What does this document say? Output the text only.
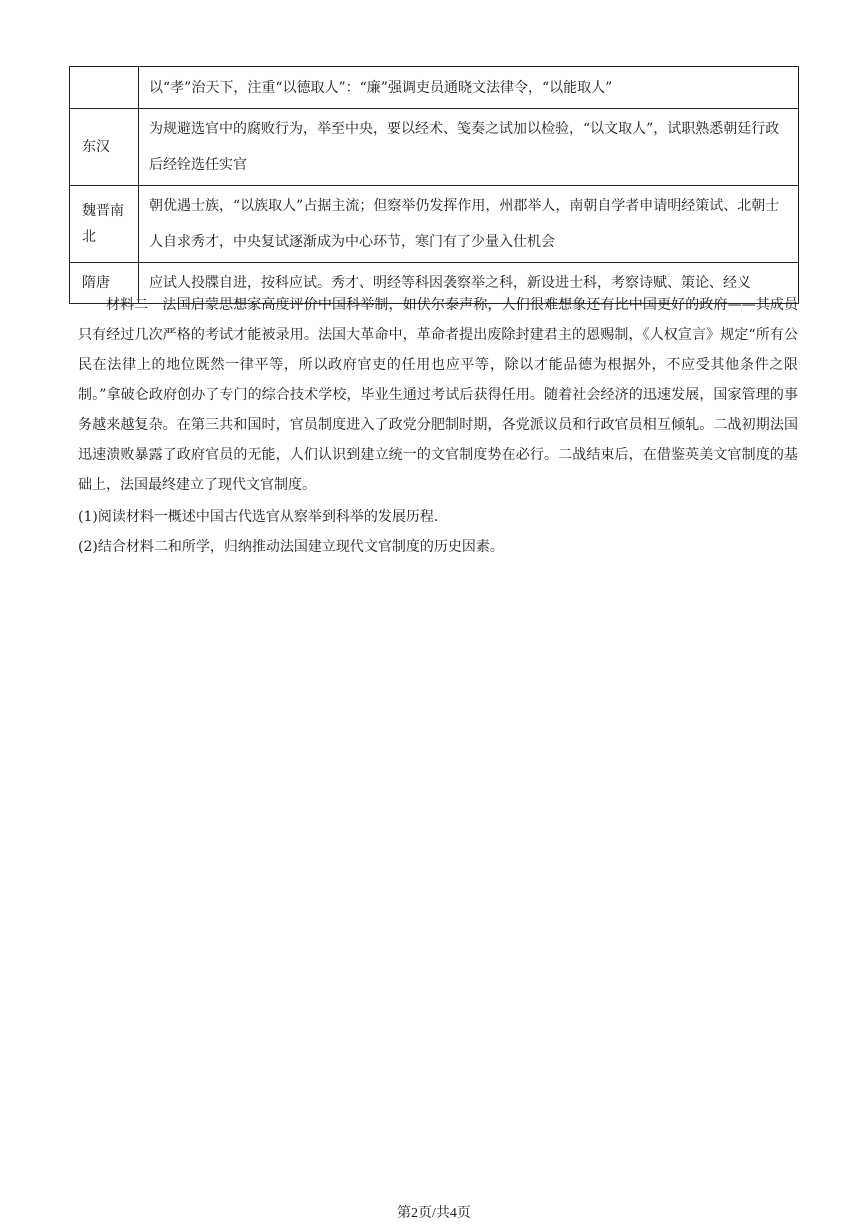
	以“孝”治天下，注重“以德取人”：“廉”强调吏员通晓文法律令，“以能取人”
东汉	为规避选官中的腐败行为，举至中央，要以经术、笺奏之试加以检验，“以文取人”，试职熟悉朝廷行政后经铨选任实官
魏晋南北	朝优遇士族，“以族取人”占据主流；但察举仍发挥作用，州郡举人，南朝自学者申请明经策试、北朝士人自求秀才，中央复试逐渐成为中心环节，寒门有了少量入仕机会
隋唐	应试人投牒自进，按科应试。秀才、明经等科因袭察举之科，新设进士科，考察诗赋、策论、经义

材料二　法国启蒙思想家高度评价中国科举制，如伏尔泰声称，人们很难想象还有比中国更好的政府——其成员只有经过几次严格的考试才能被录用。法国大革命中，革命者提出废除封建君主的恩赐制，《人权宣言》规定“所有公民在法律上的地位既然一律平等，所以政府官吏的任用也应平等，除以才能品德为根据外，不应受其他条件之限制。”拿破仑政府创办了专门的综合技术学校，毕业生通过考试后获得任用。随着社会经济的迅速发展，国家管理的事务越来越复杂。在第三共和国时，官员制度进入了政党分肥制时期，各党派议员和行政官员相互倾轧。二战初期法国迅速溃败暴露了政府官员的无能，人们认识到建立统一的文官制度势在必行。二战结束后，在借鉴英美文官制度的基础上，法国最终建立了现代文官制度。

(1)阅读材料一概述中国古代选官从察举到科举的发展历程．

(2)结合材料二和所学，归纳推动法国建立现代文官制度的历史因素。

第2页/共4页
